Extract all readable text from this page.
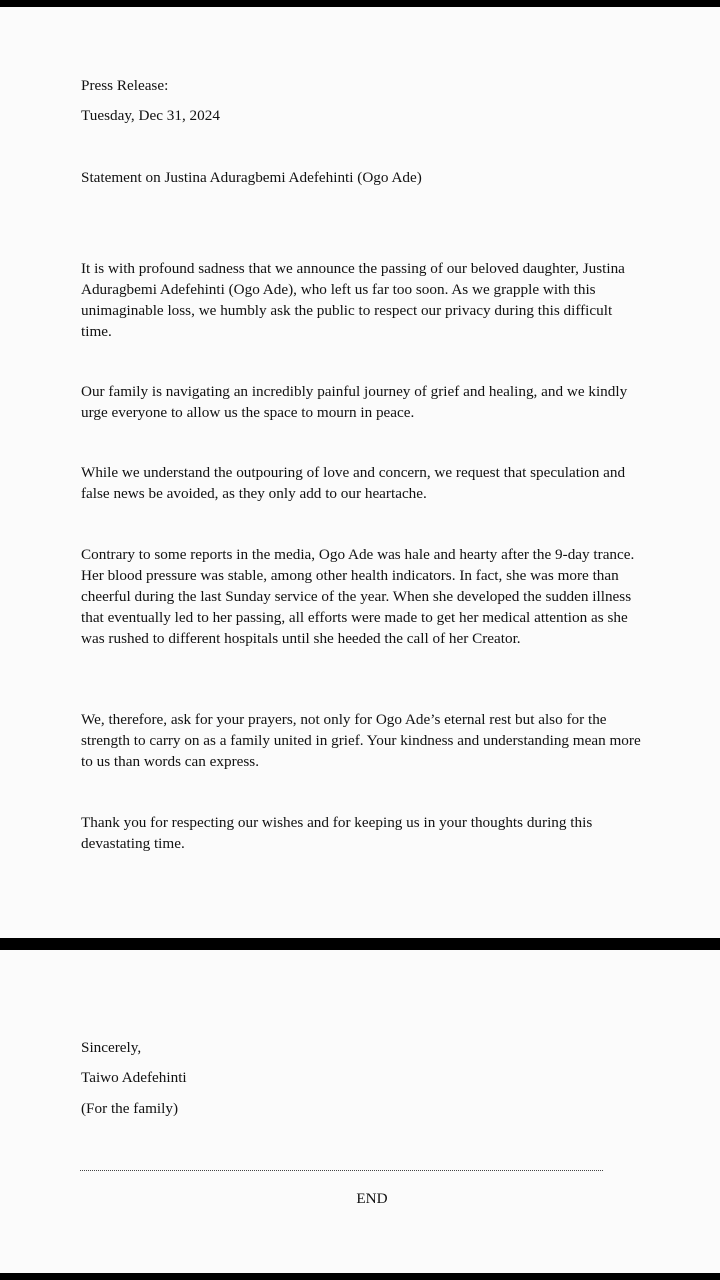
Press Release:

Tuesday, Dec 31, 2024

Statement on Justina Aduragbemi Adefehinti (Ogo Ade)

It is with profound sadness that we announce the passing of our beloved daughter, Justina Aduragbemi Adefehinti (Ogo Ade), who left us far too soon. As we grapple with this unimaginable loss, we humbly ask the public to respect our privacy during this difficult time.

Our family is navigating an incredibly painful journey of grief and healing, and we kindly urge everyone to allow us the space to mourn in peace.

While we understand the outpouring of love and concern, we request that speculation and false news be avoided, as they only add to our heartache.

Contrary to some reports in the media, Ogo Ade was hale and hearty after the 9-day trance. Her blood pressure was stable, among other health indicators. In fact, she was more than cheerful during the last Sunday service of the year. When she developed the sudden illness that eventually led to her passing, all efforts were made to get her medical attention as she was rushed to different hospitals until she heeded the call of her Creator.

We, therefore, ask for your prayers, not only for Ogo Ade’s eternal rest but also for the strength to carry on as a family united in grief. Your kindness and understanding mean more to us than words can express.

Thank you for respecting our wishes and for keeping us in your thoughts during this devastating time.

Sincerely,

Taiwo Adefehinti

(For the family)

END
